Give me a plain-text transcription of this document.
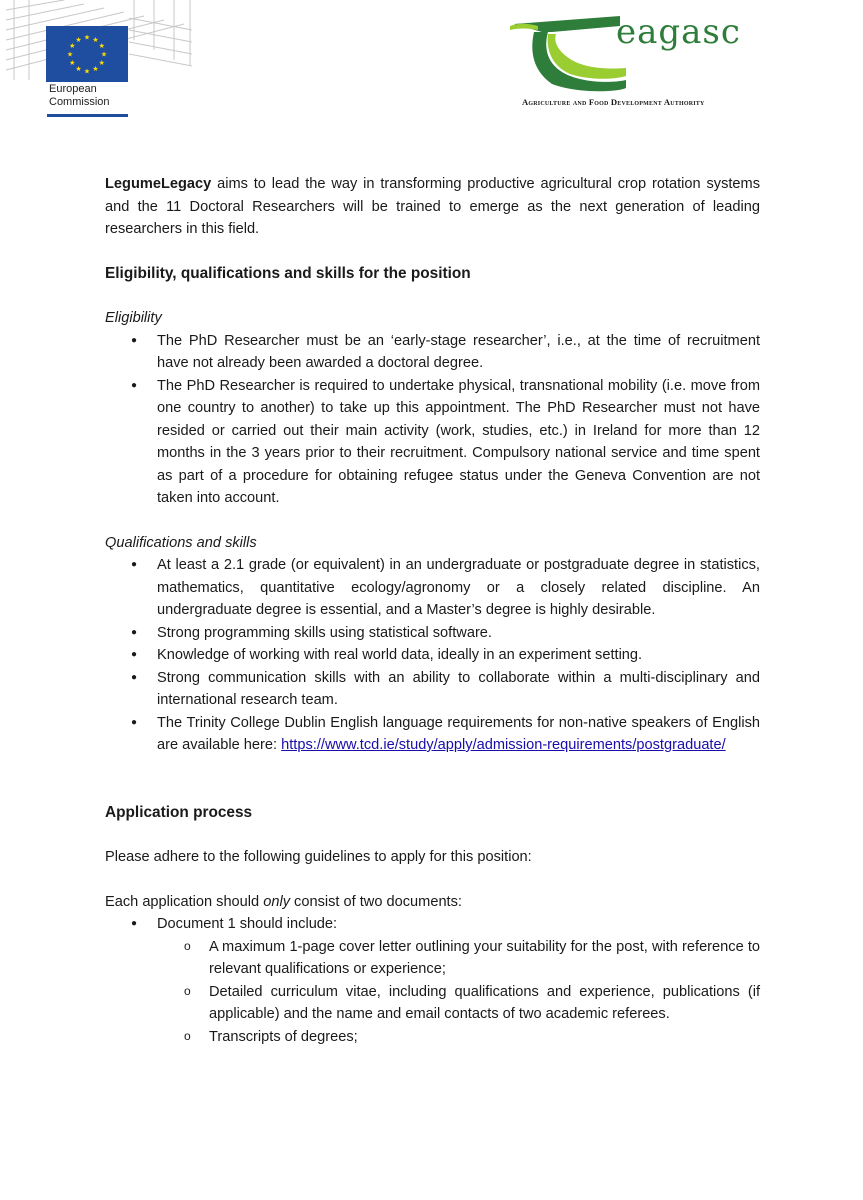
★ ★
★
★
★
★
★
★
★
★
★
★
European
Commission
eagasc
Agriculture and Food Development Authority

LegumeLegacy aims to lead the way in transforming productive agricultural crop rotation systems and the 11 Doctoral Researchers will be trained to emerge as the next generation of leading researchers in this field.

Eligibility, qualifications and skills for the position

Eligibility

● The PhD Researcher must be an ‘early-stage researcher’, i.e., at the time of recruitment have not already been awarded a doctoral degree.
● The PhD Researcher is required to undertake physical, transnational mobility (i.e. move from one country to another) to take up this appointment. The PhD Researcher must not have resided or carried out their main activity (work, studies, etc.) in Ireland for more than 12 months in the 3 years prior to their recruitment. Compulsory national service and time spent as part of a procedure for obtaining refugee status under the Geneva Convention are not taken into account.

Qualifications and skills

● At least a 2.1 grade (or equivalent) in an undergraduate or postgraduate degree in statistics, mathematics, quantitative ecology/agronomy or a closely related discipline. An undergraduate degree is essential, and a Master’s degree is highly desirable.
● Strong programming skills using statistical software.
● Knowledge of working with real world data, ideally in an experiment setting.
● Strong communication skills with an ability to collaborate within a multi-disciplinary and international research team.
● The Trinity College Dublin English language requirements for non-native speakers of English are available here: https://www.tcd.ie/study/apply/admission-requirements/postgraduate/
Application process

Please adhere to the following guidelines to apply for this position:

Each application should only consist of two documents:

● Document 1 should include:
o A maximum 1-page cover letter outlining your suitability for the post, with reference to relevant qualifications or experience;
o Detailed curriculum vitae, including qualifications and experience, publications (if applicable) and the name and email contacts of two academic referees.
o Transcripts of degrees;
